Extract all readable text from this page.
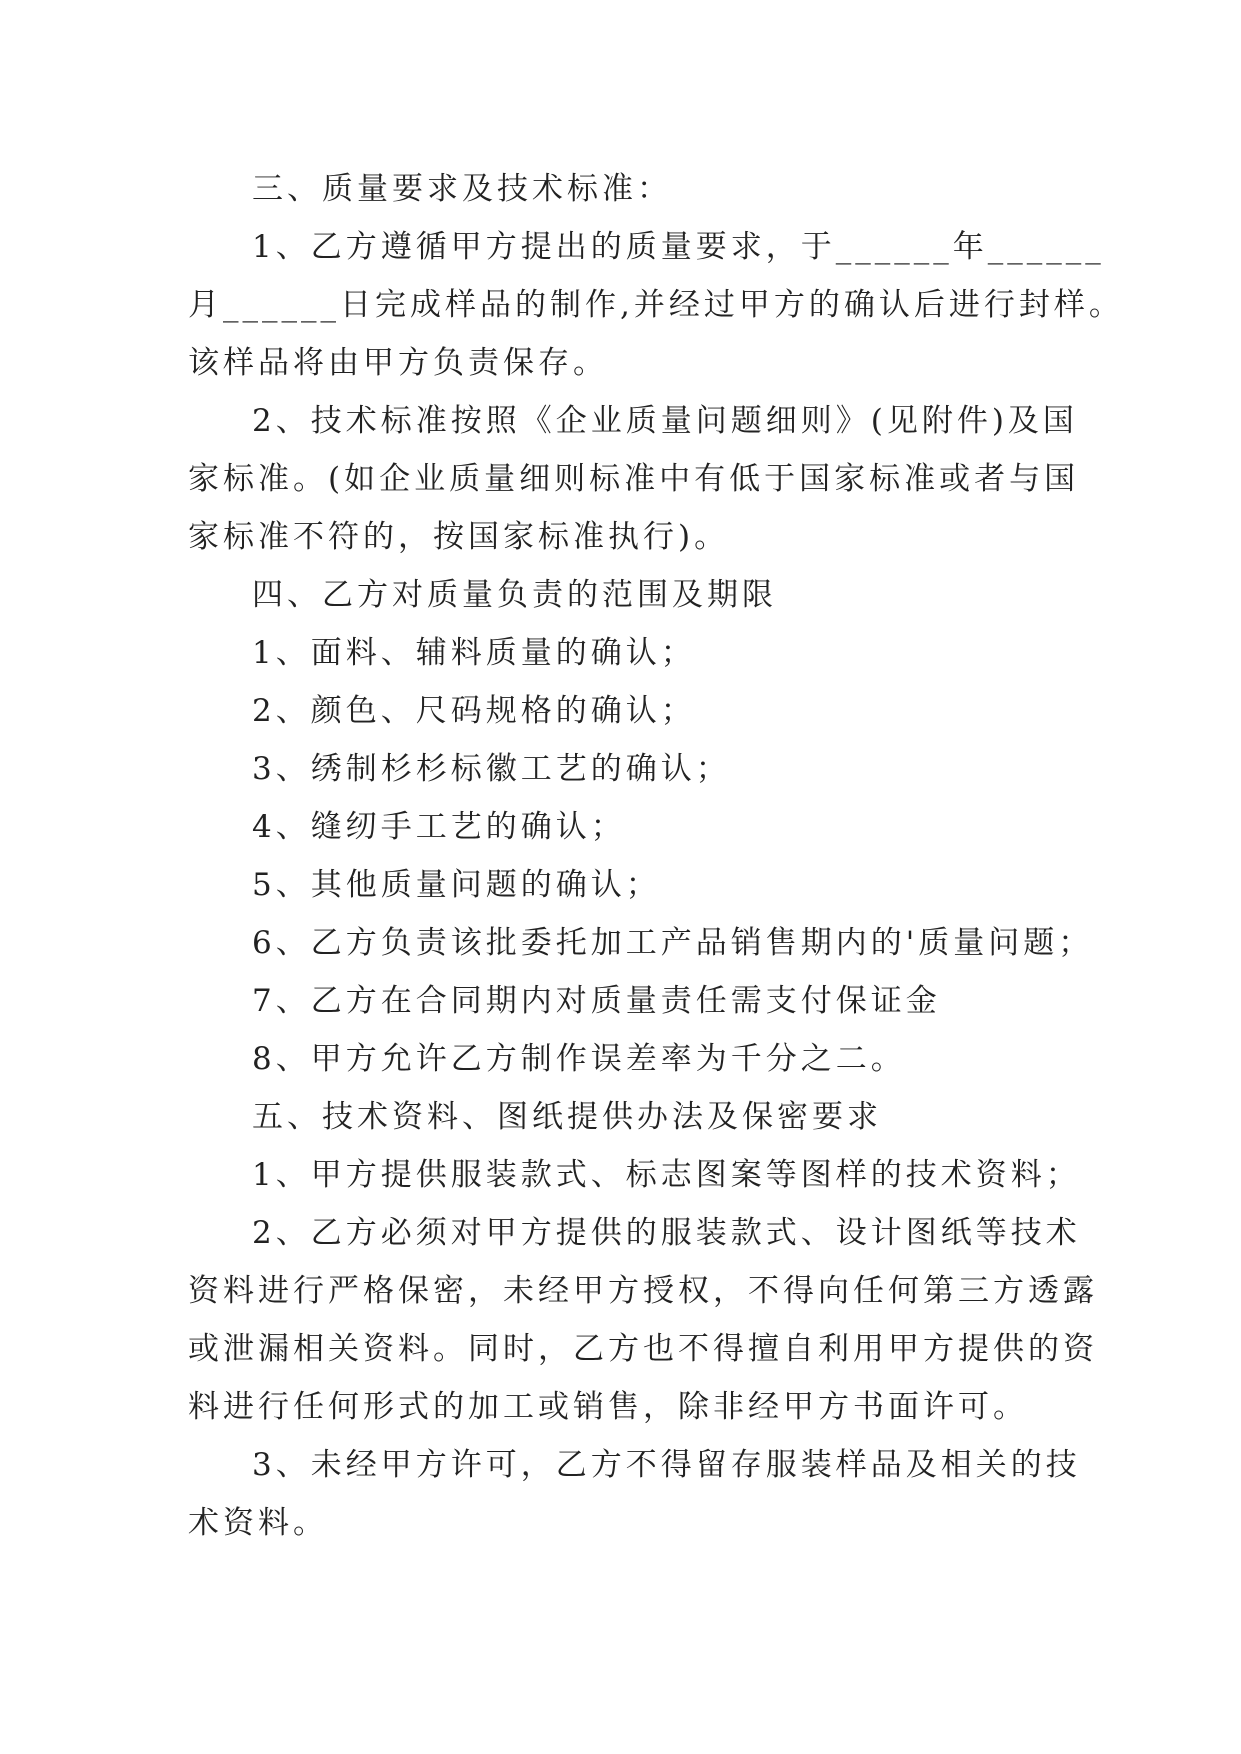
三、质量要求及技术标准：
1、乙方遵循甲方提出的质量要求，于______年______
月______日完成样品的制作,并经过甲方的确认后进行封样。
该样品将由甲方负责保存。
2、技术标准按照《企业质量问题细则》(见附件)及国
家标准。(如企业质量细则标准中有低于国家标准或者与国
家标准不符的，按国家标准执行)。
四、乙方对质量负责的范围及期限
1、面料、辅料质量的确认；
2、颜色、尺码规格的确认；
3、绣制杉杉标徽工艺的确认；
4、缝纫手工艺的确认；
5、其他质量问题的确认；
6、乙方负责该批委托加工产品销售期内的'质量问题；
7、乙方在合同期内对质量责任需支付保证金
8、甲方允许乙方制作误差率为千分之二。
五、技术资料、图纸提供办法及保密要求
1、甲方提供服装款式、标志图案等图样的技术资料；
2、乙方必须对甲方提供的服装款式、设计图纸等技术
资料进行严格保密，未经甲方授权，不得向任何第三方透露
或泄漏相关资料。同时，乙方也不得擅自利用甲方提供的资
料进行任何形式的加工或销售，除非经甲方书面许可。
3、未经甲方许可，乙方不得留存服装样品及相关的技
术资料。
